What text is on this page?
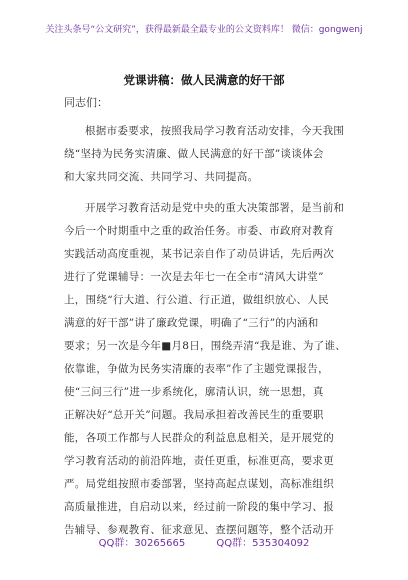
关注头条号“公文研究”，获得最新最全最专业的公文资料库！ 微信：gongwenj
党课讲稿：做人民满意的好干部
同志们：
根据市委要求，按照我局学习教育活动安排，今天我围
绕“坚持为民务实清廉、做人民满意的好干部”谈谈体会
和大家共同交流、共同学习、共同提高。
开展学习教育活动是党中央的重大决策部署，是当前和
今后一个时期重中之重的政治任务。市委、市政府对教育
实践活动高度重视，某书记亲自作了动员讲话，先后两次
进行了党课辅导：一次是去年七一在全市“清风大讲堂”
上，围绕“行大道、行公道、行正道，做组织放心、人民
满意的好干部”讲了廉政党课，明确了“三行”的内涵和
要求；另一次是今年■月8日，围绕弄清“我是谁、为了谁、
依靠谁，争做为民务实清廉的表率”作了主题党课报告，
使“三问三行”进一步系统化，廓清认识，统一思想，真
正解决好“总开关”问题。我局承担着改善民生的重要职
能，各项工作都与人民群众的利益息息相关，是开展党的
学习教育活动的前沿阵地，责任更重，标准更高，要求更
严。局党组按照市委部署，坚持高起点谋划，高标准组织
高质量推进，自启动以来，经过前一阶段的集中学习、报
告辅导、参观教育、征求意见、查摆问题等，整个活动开
QQ群：30265665	QQ群：535304092
